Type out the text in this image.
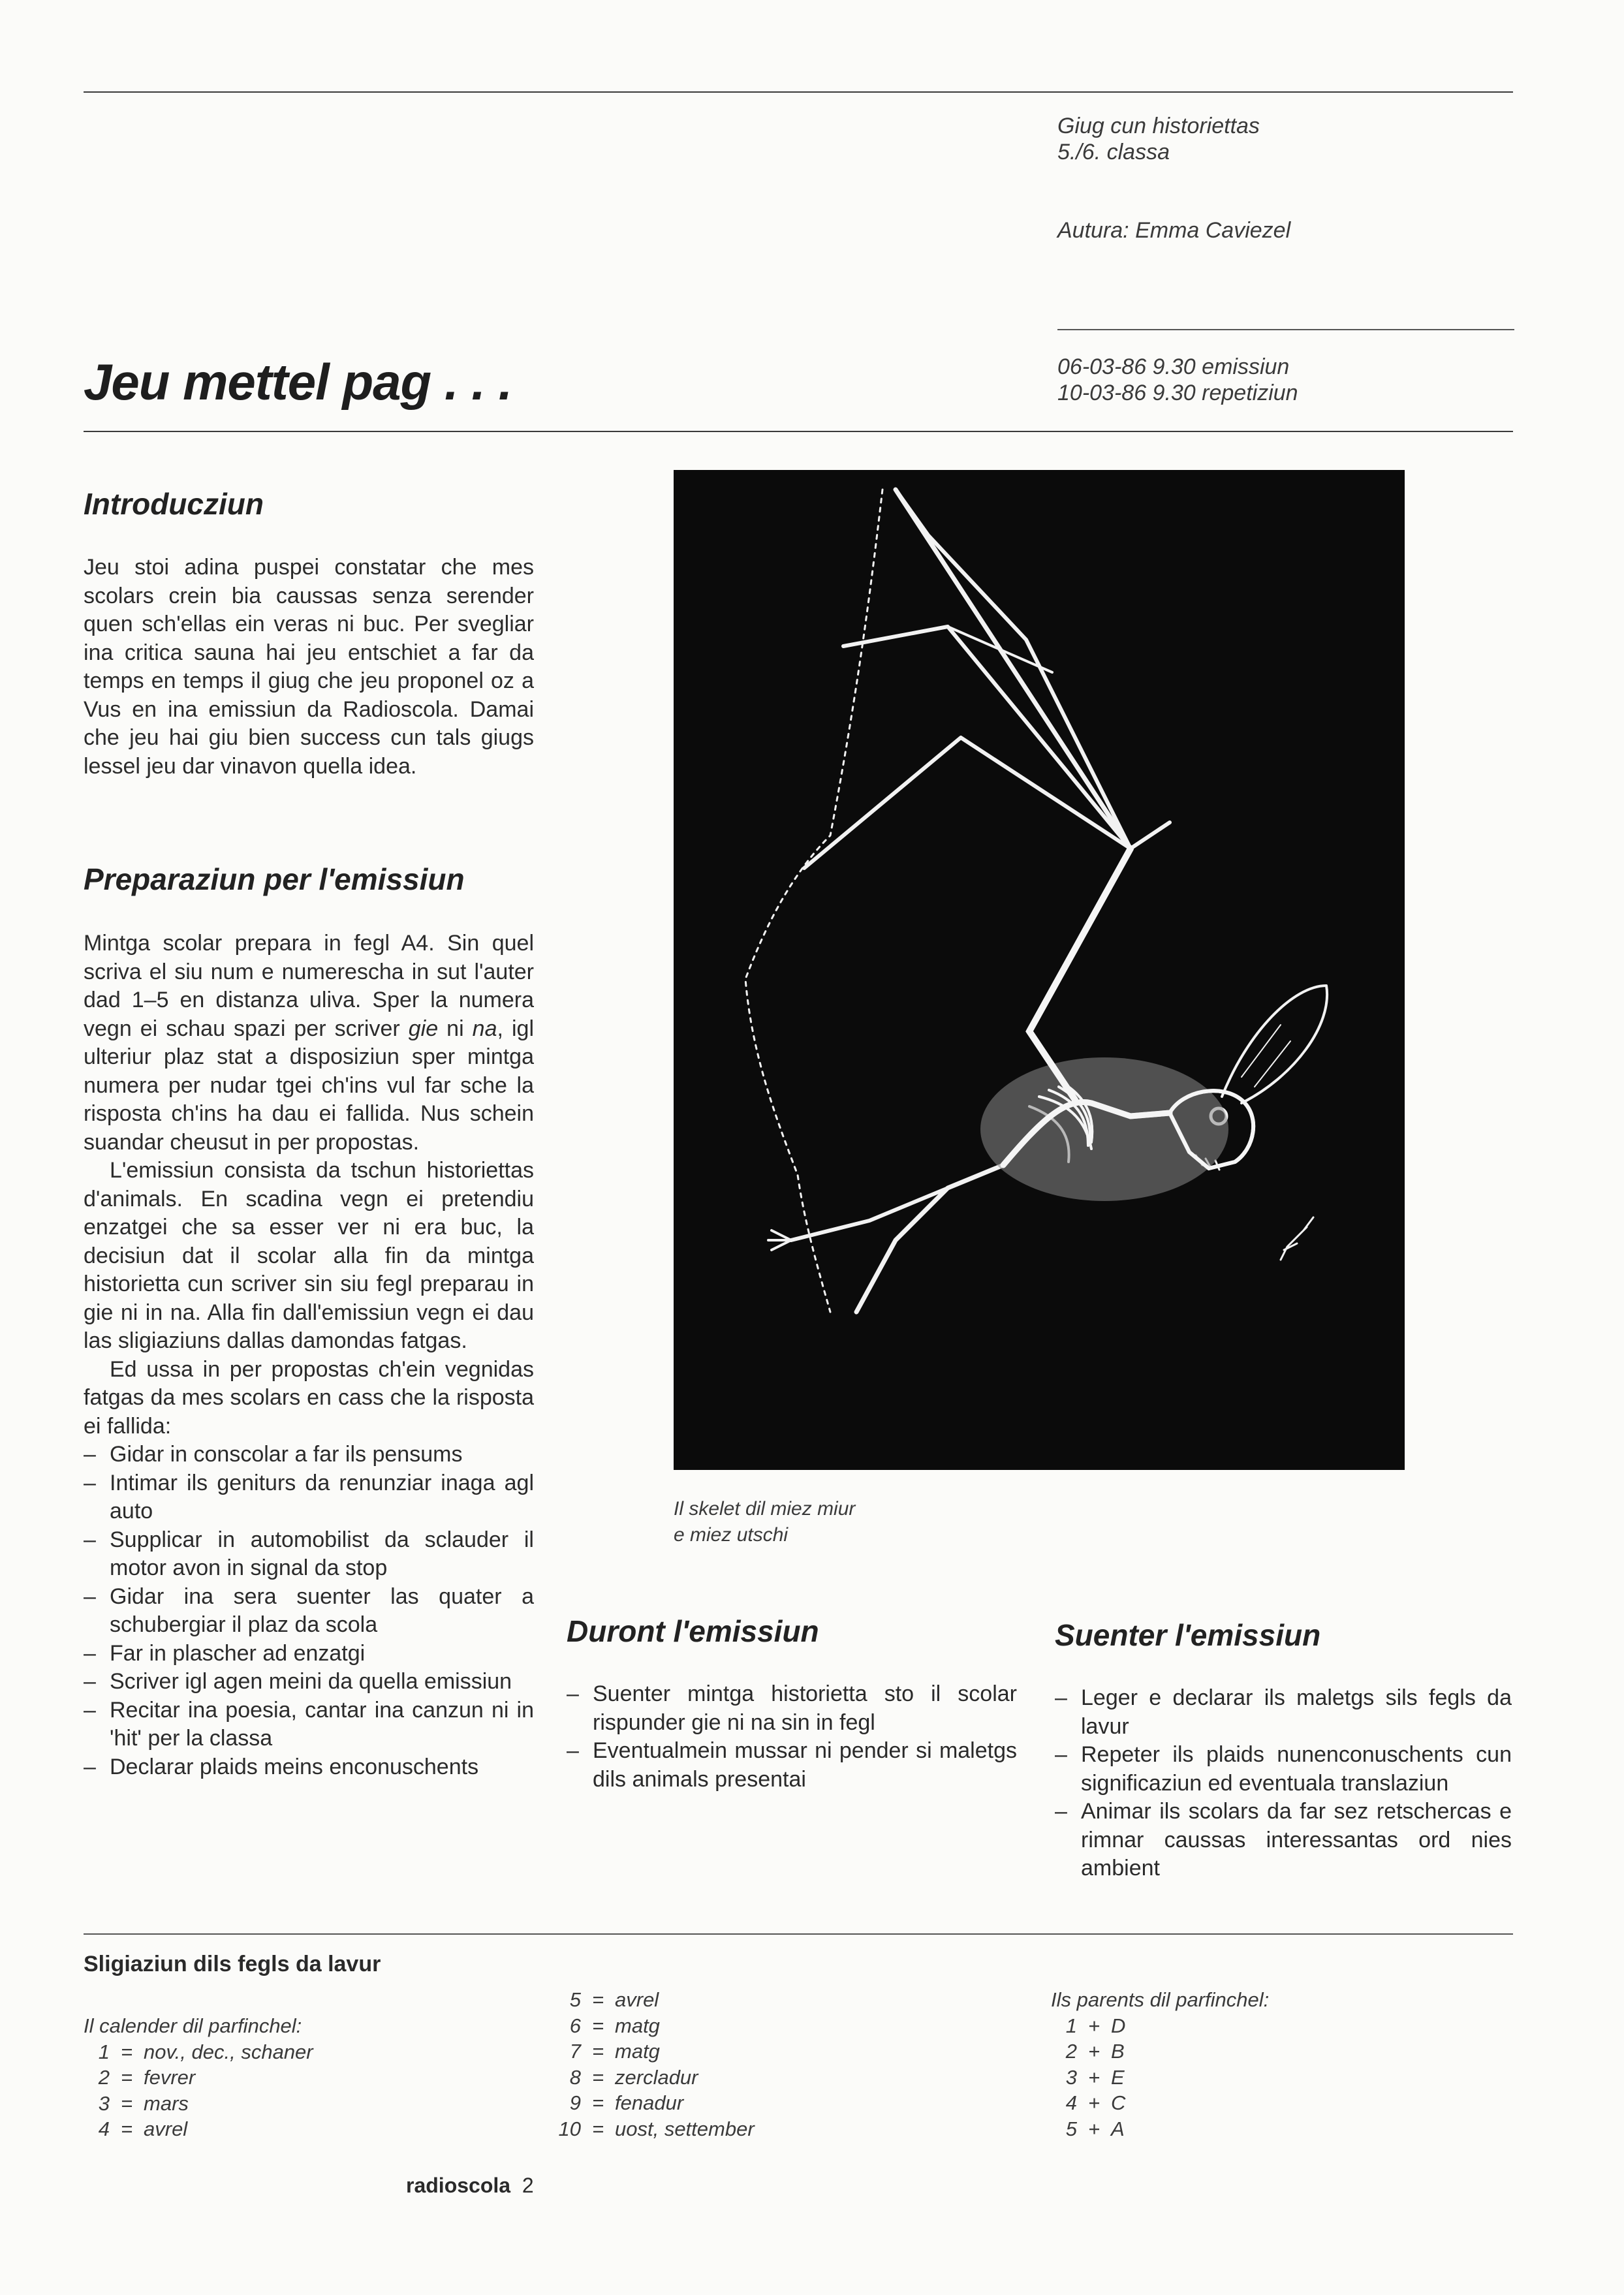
Giug cun historiettas
5./6. classa
Autura: Emma Caviezel
Jeu mettel pag . . .	06-03-86 9.30 emissiun
10-03-86 9.30 repetiziun
Introducziun

Jeu stoi adina puspei constatar che mes scolars crein bia caussas senza serender quen sch'ellas ein veras ni buc. Per svegliar ina critica sauna hai jeu entschiet a far da temps en temps il giug che jeu proponel oz a Vus en ina emissiun da Radioscola. Damai che jeu hai giu bien success cun tals giugs lessel jeu dar vinavon quella idea.

Preparaziun per l'emissiun

Mintga scolar prepara in fegl A4. Sin quel scriva el siu num e numerescha in sut l'auter dad 1–5 en distanza uliva. Sper la numera vegn ei schau spazi per scriver gie ni na, igl ulteriur plaz stat a disposiziun sper mintga numera per nudar tgei ch'ins vul far sche la risposta ch'ins ha dau ei fallida. Nus schein suandar cheusut in per propostas.

L'emissiun consista da tschun historiettas d'animals. En scadina vegn ei pretendiu enzatgei che sa esser ver ni era buc, la decisiun dat il scolar alla fin da mintga historietta cun scriver sin siu fegl preparau in gie ni in na. Alla fin dall'emissiun vegn ei dau las sligiaziuns dallas damondas fatgas.

Ed ussa in per propostas ch'ein vegnidas fatgas da mes scolars en cass che la risposta ei fallida:

– Gidar in conscolar a far ils pensums
– Intimar ils geniturs da renunziar inaga agl auto
– Supplicar in automobilist da sclauder il motor avon in signal da stop
– Gidar ina sera suenter las quater a schubergiar il plaz da scola
– Far in plascher ad enzatgi
– Scriver igl agen meini da quella emissiun
– Recitar ina poesia, cantar ina canzun ni in 'hit' per la classa
– Declarar plaids meins enconuschents
Il skelet dil miez miur
e miez utschi
Duront l'emissiun
– Suenter mintga historietta sto il scolar rispunder gie ni na sin in fegl
– Eventualmein mussar ni pender si maletgs dils animals presentai
Suenter l'emissiun
– Leger e declarar ils maletgs sils fegls da lavur
– Repeter ils plaids nunenconuschents cun significaziun ed eventuala translaziun
– Animar ils scolars da far sez retschercas e rimnar caussas interessantas ord nies ambient
Sligiaziun dils fegls da lavur
Il calender dil parfinchel:
1 = nov., dec., schaner
2 = fevrer
3 = mars
4 = avrel
5 = avrel
6 = matg
7 = matg
8 = zercladur
9 = fenadur
10 = uost, settember
Ils parents dil parfinchel:
1 + D
2 + B
3 + E
4 + C
5 + A
radioscola 2
